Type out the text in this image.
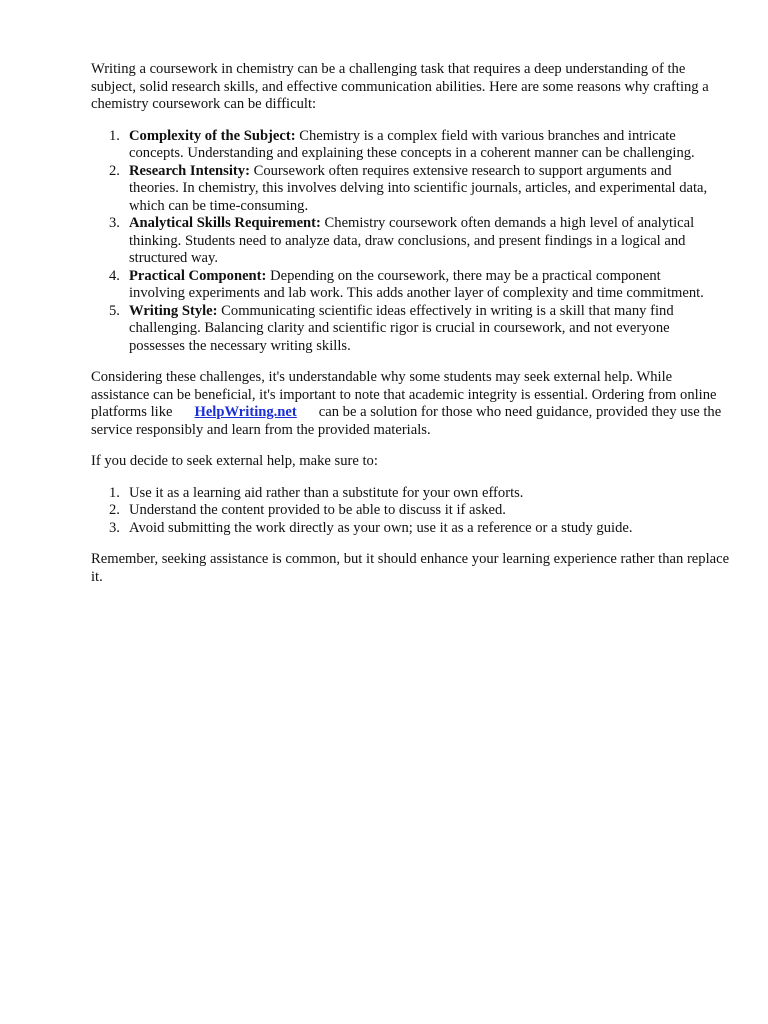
Writing a coursework in chemistry can be a challenging task that requires a deep understanding of the subject, solid research skills, and effective communication abilities. Here are some reasons why crafting a chemistry coursework can be difficult:

1. Complexity of the Subject: Chemistry is a complex field with various branches and intricate concepts. Understanding and explaining these concepts in a coherent manner can be challenging.
2. Research Intensity: Coursework often requires extensive research to support arguments and theories. In chemistry, this involves delving into scientific journals, articles, and experimental data, which can be time-consuming.
3. Analytical Skills Requirement: Chemistry coursework often demands a high level of analytical thinking. Students need to analyze data, draw conclusions, and present findings in a logical and structured way.
4. Practical Component: Depending on the coursework, there may be a practical component involving experiments and lab work. This adds another layer of complexity and time commitment.
5. Writing Style: Communicating scientific ideas effectively in writing is a skill that many find challenging. Balancing clarity and scientific rigor is crucial in coursework, and not everyone possesses the necessary writing skills.

Considering these challenges, it's understandable why some students may seek external help. While assistance can be beneficial, it's important to note that academic integrity is essential. Ordering from online platforms like HelpWriting.net can be a solution for those who need guidance, provided they use the service responsibly and learn from the provided materials.

If you decide to seek external help, make sure to:

1. Use it as a learning aid rather than a substitute for your own efforts.
2. Understand the content provided to be able to discuss it if asked.
3. Avoid submitting the work directly as your own; use it as a reference or a study guide.

Remember, seeking assistance is common, but it should enhance your learning experience rather than replace it.
